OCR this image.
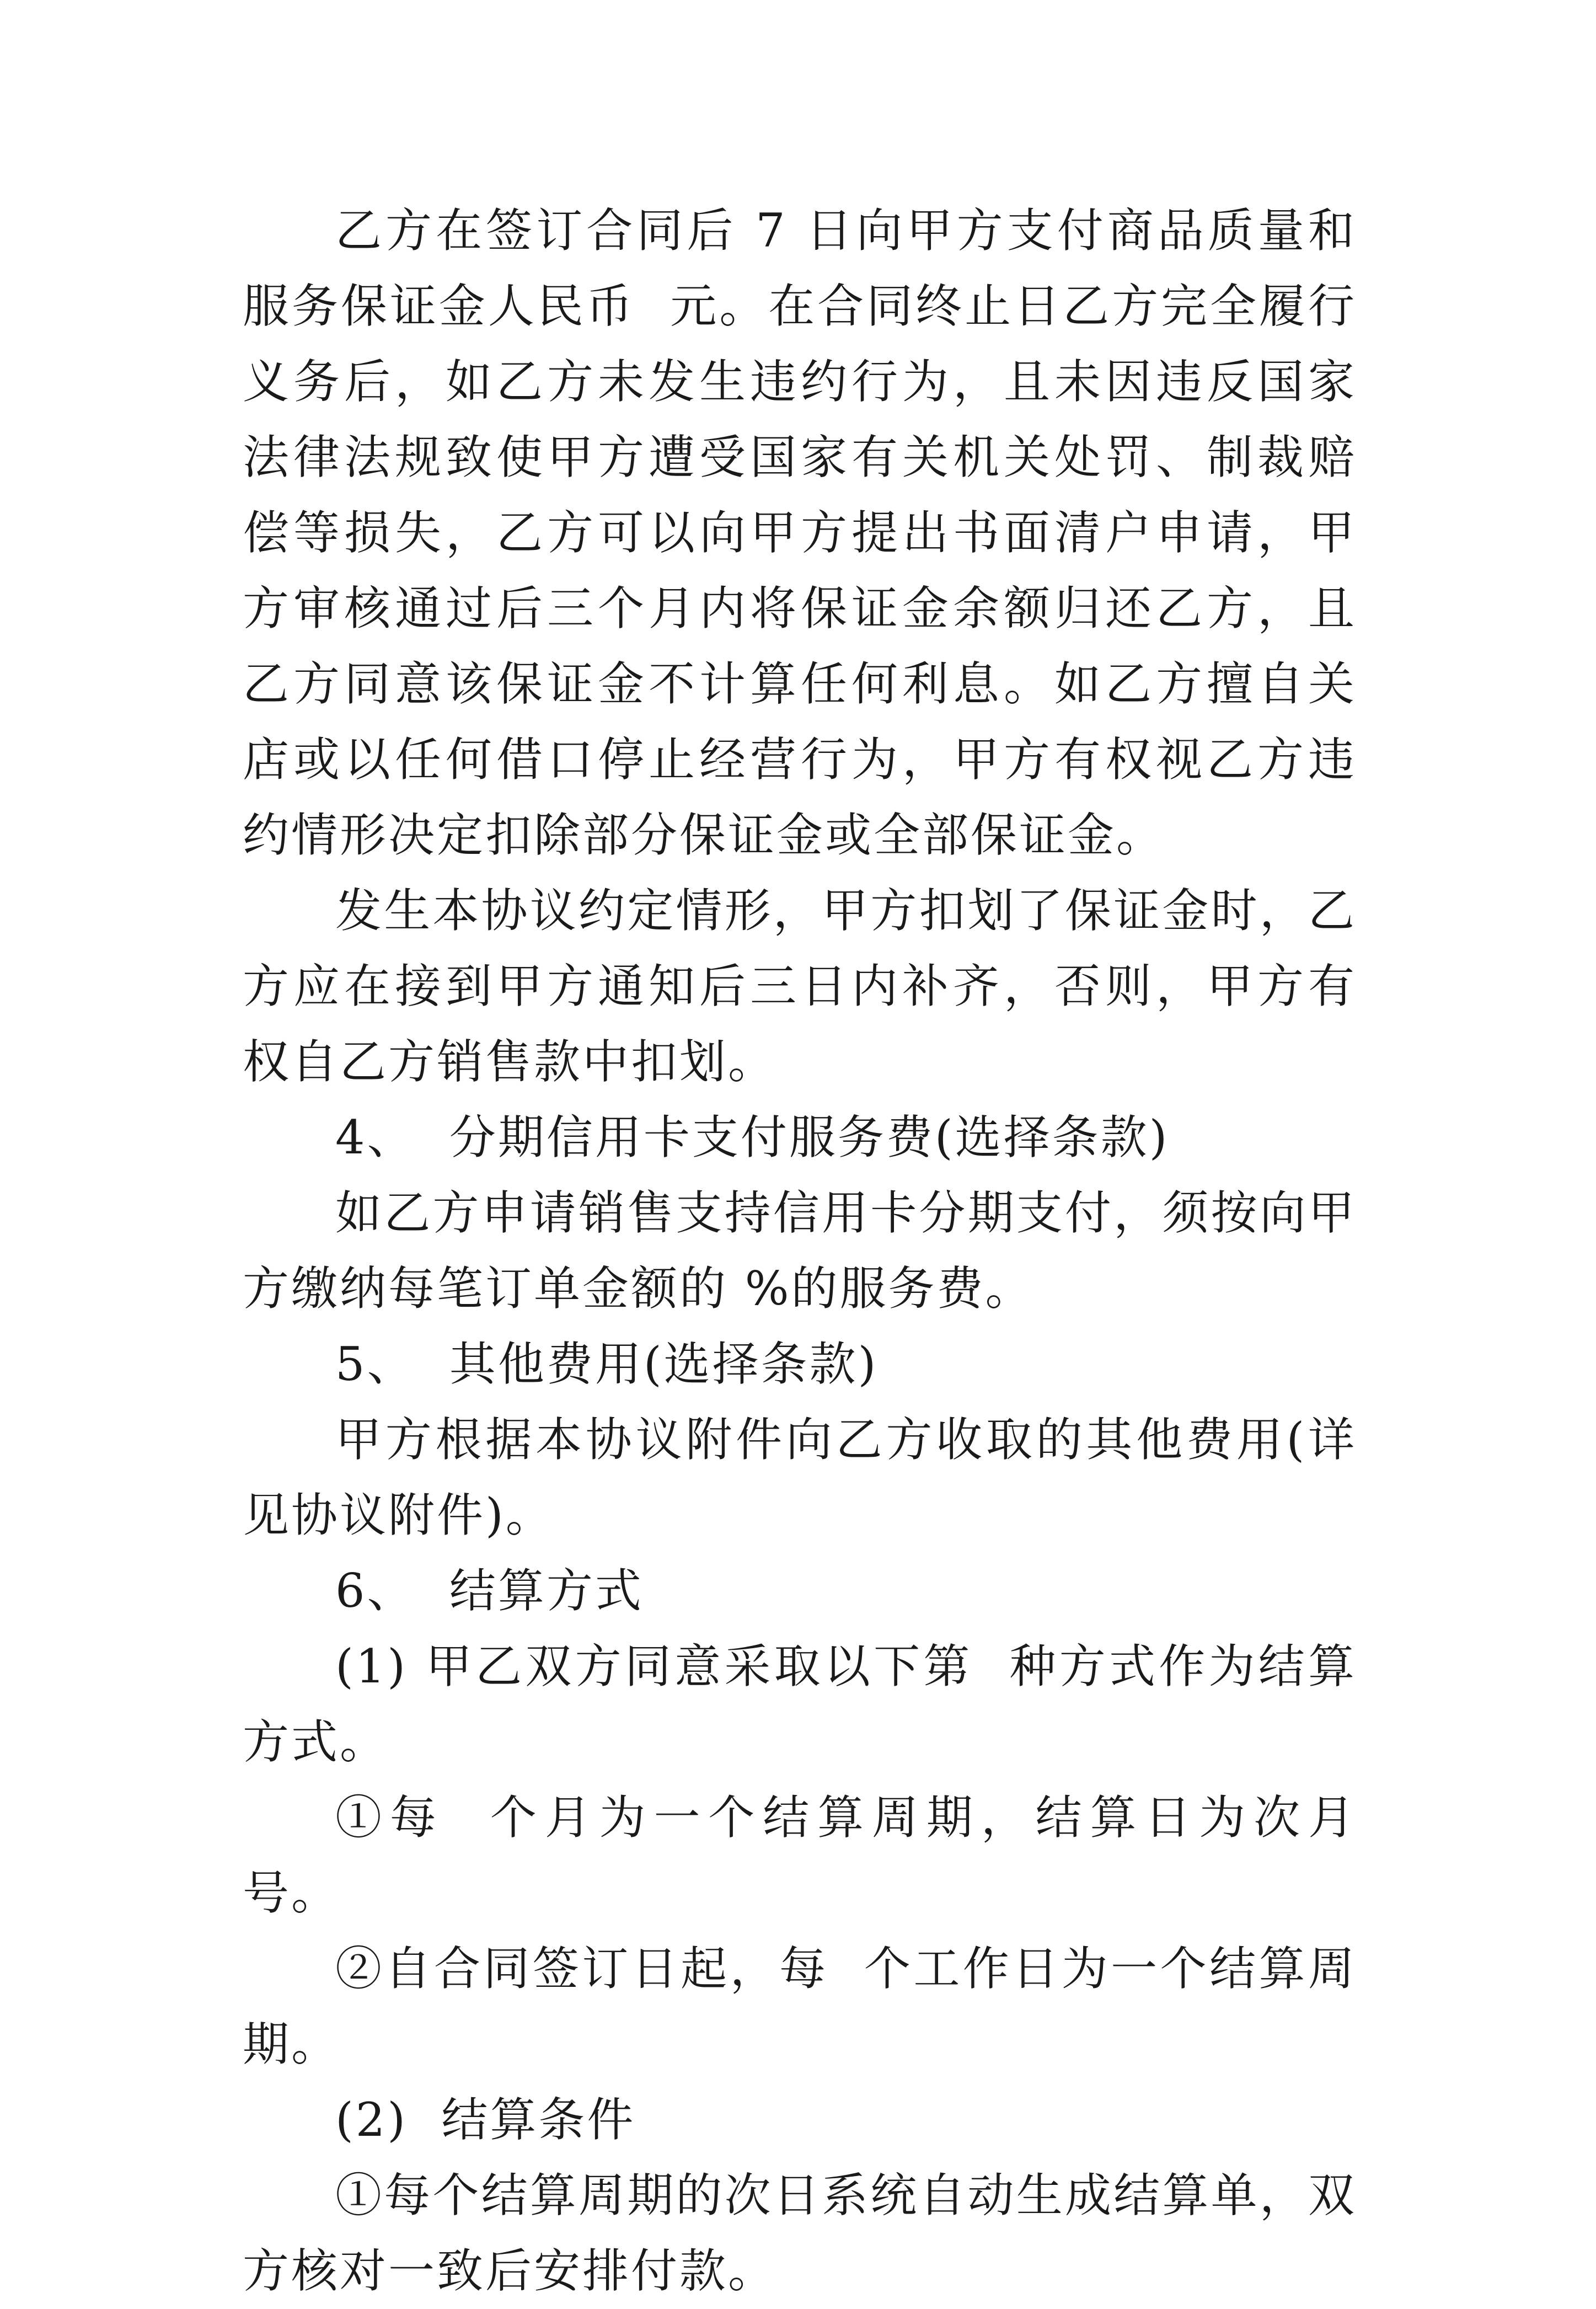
乙方在签订合同后 7 日向甲方支付商品质量和服务保证金人民币  元。在合同终止日乙方完全履行义务后，如乙方未发生违约行为，且未因违反国家法律法规致使甲方遭受国家有关机关处罚、制裁赔偿等损失，乙方可以向甲方提出书面清户申请，甲方审核通过后三个月内将保证金余额归还乙方，且乙方同意该保证金不计算任何利息。如乙方擅自关店或以任何借口停止经营行为，甲方有权视乙方违约情形决定扣除部分保证金或全部保证金。

发生本协议约定情形，甲方扣划了保证金时，乙方应在接到甲方通知后三日内补齐，否则，甲方有权自乙方销售款中扣划。

4、  分期信用卡支付服务费(选择条款)

如乙方申请销售支持信用卡分期支付，须按向甲方缴纳每笔订单金额的 %的服务费。

5、  其他费用(选择条款)

甲方根据本协议附件向乙方收取的其他费用(详见协议附件)。

6、  结算方式

(1) 甲乙双方同意采取以下第  种方式作为结算方式。

①每  个月为一个结算周期，结算日为次月  号。

②自合同签订日起，每  个工作日为一个结算周期。

(2)  结算条件

①每个结算周期的次日系统自动生成结算单，双方核对一致后安排付款。
